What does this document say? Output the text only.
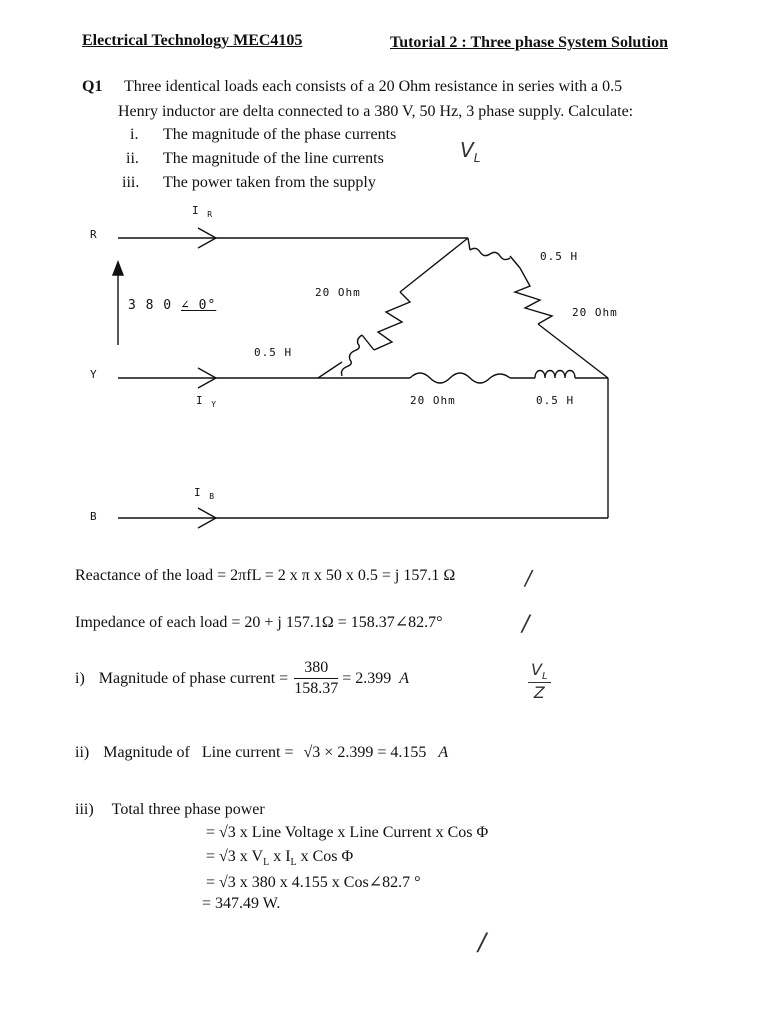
Electrical Technology MEC4105	Tutorial 2 : Three phase System Solution
Q1 Three identical loads each consists of a 20 Ohm resistance in series with a 0.5
Henry inductor are delta connected to a 380 V, 50 Hz, 3 phase supply. Calculate:
i. The magnitude of the phase currents
ii. The magnitude of the line currents
iii. The power taken from the supply
$V_L$
R
Y
B
I $_R$
I $_Y$
I $_B$
3 8 0 ∠ 0°
20 Ohm
0.5 H
0.5 H
20 Ohm
20 Ohm	0.5 H
Reactance of the load = 2πfL = 2 x π x 50 x 0.5 = j 157.1 Ω	/
Impedance of each load = 20 + j 157.1Ω = 158.37∠82.7°	/
i) Magnitude of phase current = $\frac{380}{158.37} = 2.399$ A	$V_L$
Z
ii) Magnitude of   Line current = √3 × 2.399 = 4.155 A
iii) Total three phase power
= √3 x Line Voltage x Line Current x Cos Φ
= √3 x $V_L$ x $I_L$ x Cos Φ
= √3 x 380 x 4.155 x Cos∠82.7 °
= 347.49 W.
/
